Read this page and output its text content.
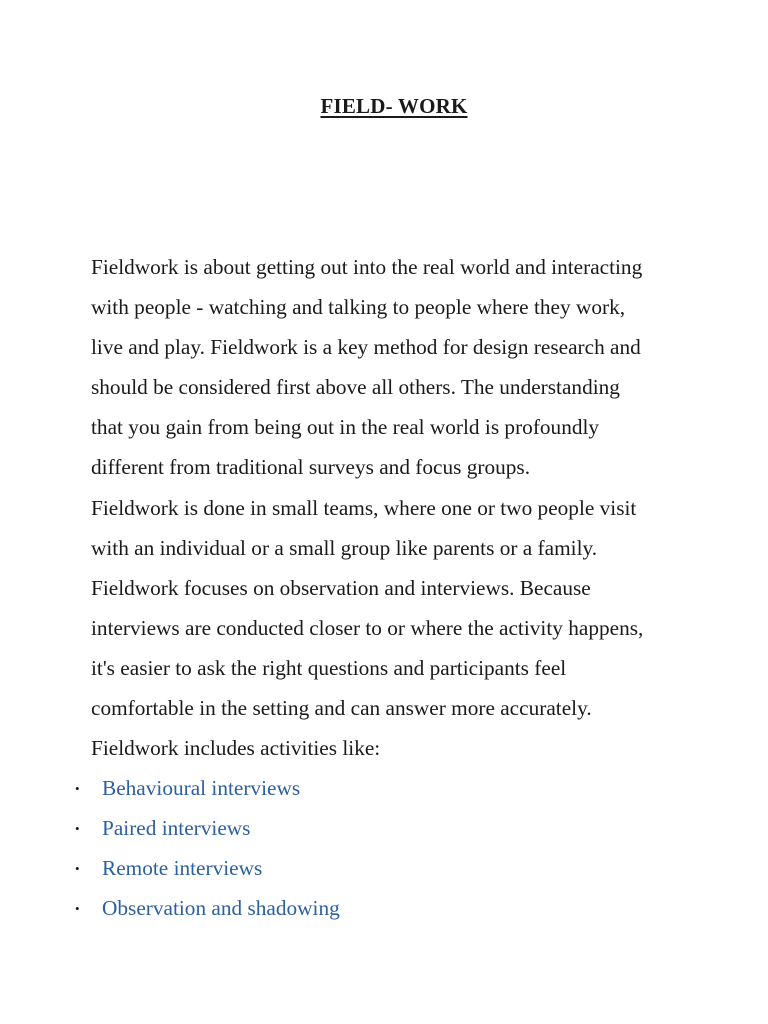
FIELD- WORK
Fieldwork is about getting out into the real world and interacting
with people - watching and talking to people where they work,
live and play. Fieldwork is a key method for design research and
should be considered first above all others. The understanding
that you gain from being out in the real world is profoundly
different from traditional surveys and focus groups.
Fieldwork is done in small teams, where one or two people visit
with an individual or a small group like parents or a family.
Fieldwork focuses on observation and interviews. Because
interviews are conducted closer to or where the activity happens,
it's easier to ask the right questions and participants feel
comfortable in the setting and can answer more accurately.
Fieldwork includes activities like:
• Behavioural interviews
• Paired interviews
• Remote interviews
• Observation and shadowing
